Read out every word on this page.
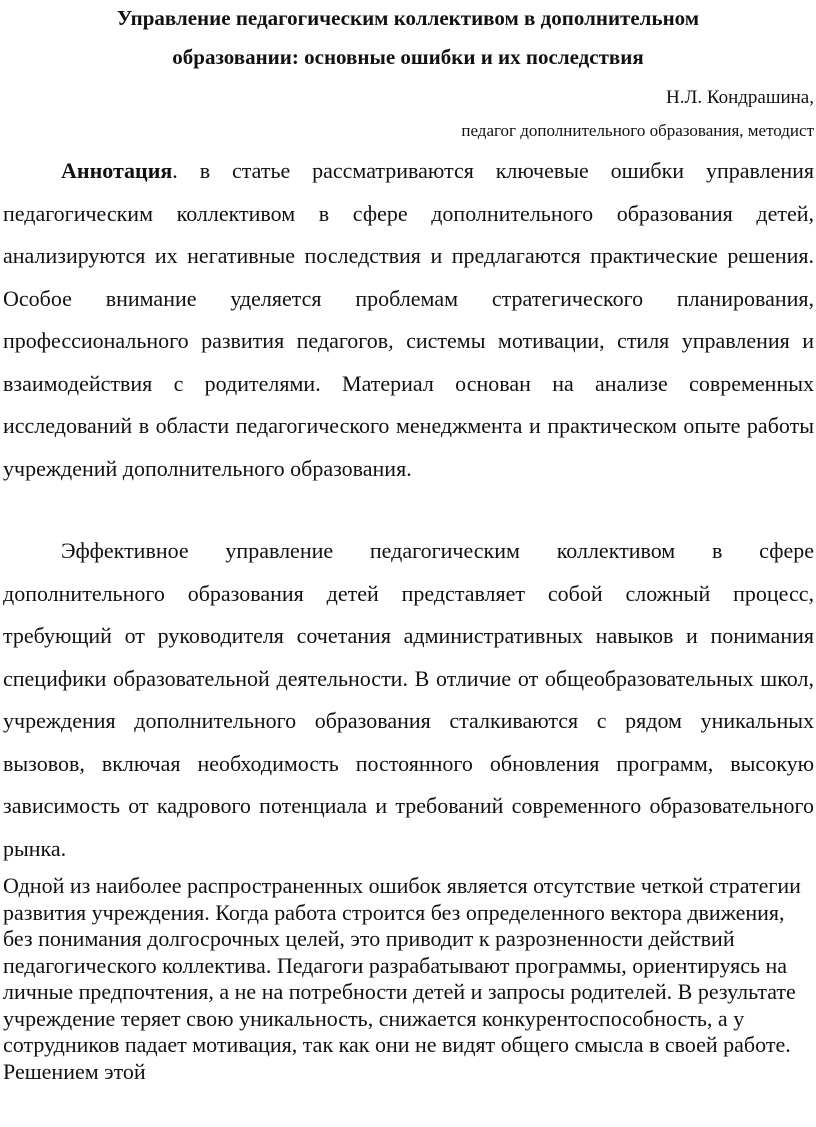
Управление педагогическим коллективом в дополнительном
образовании: основные ошибки и их последствия

Н.Л. Кондрашина,

педагог дополнительного образования, методист

Аннотация. в статье рассматриваются ключевые ошибки управления педагогическим коллективом в сфере дополнительного образования детей, анализируются их негативные последствия и предлагаются практические решения. Особое внимание уделяется проблемам стратегического планирования, профессионального развития педагогов, системы мотивации, стиля управления и взаимодействия с родителями. Материал основан на анализе современных исследований в области педагогического менеджмента и практическом опыте работы учреждений дополнительного образования.

Эффективное управление педагогическим коллективом в сфере дополнительного образования детей представляет собой сложный процесс, требующий от руководителя сочетания административных навыков и понимания специфики образовательной деятельности. В отличие от общеобразовательных школ, учреждения дополнительного образования сталкиваются с рядом уникальных вызовов, включая необходимость постоянного обновления программ, высокую зависимость от кадрового потенциала и требований современного образовательного рынка.

Одной из наиболее распространенных ошибок является отсутствие четкой стратегии развития учреждения. Когда работа строится без определенного вектора движения, без понимания долгосрочных целей, это приводит к разрозненности действий педагогического коллектива. Педагоги разрабатывают программы, ориентируясь на личные предпочтения, а не на потребности детей и запросы родителей. В результате учреждение теряет свою уникальность, снижается конкурентоспособность, а у сотрудников падает мотивация, так как они не видят общего смысла в своей работе. Решением этой
